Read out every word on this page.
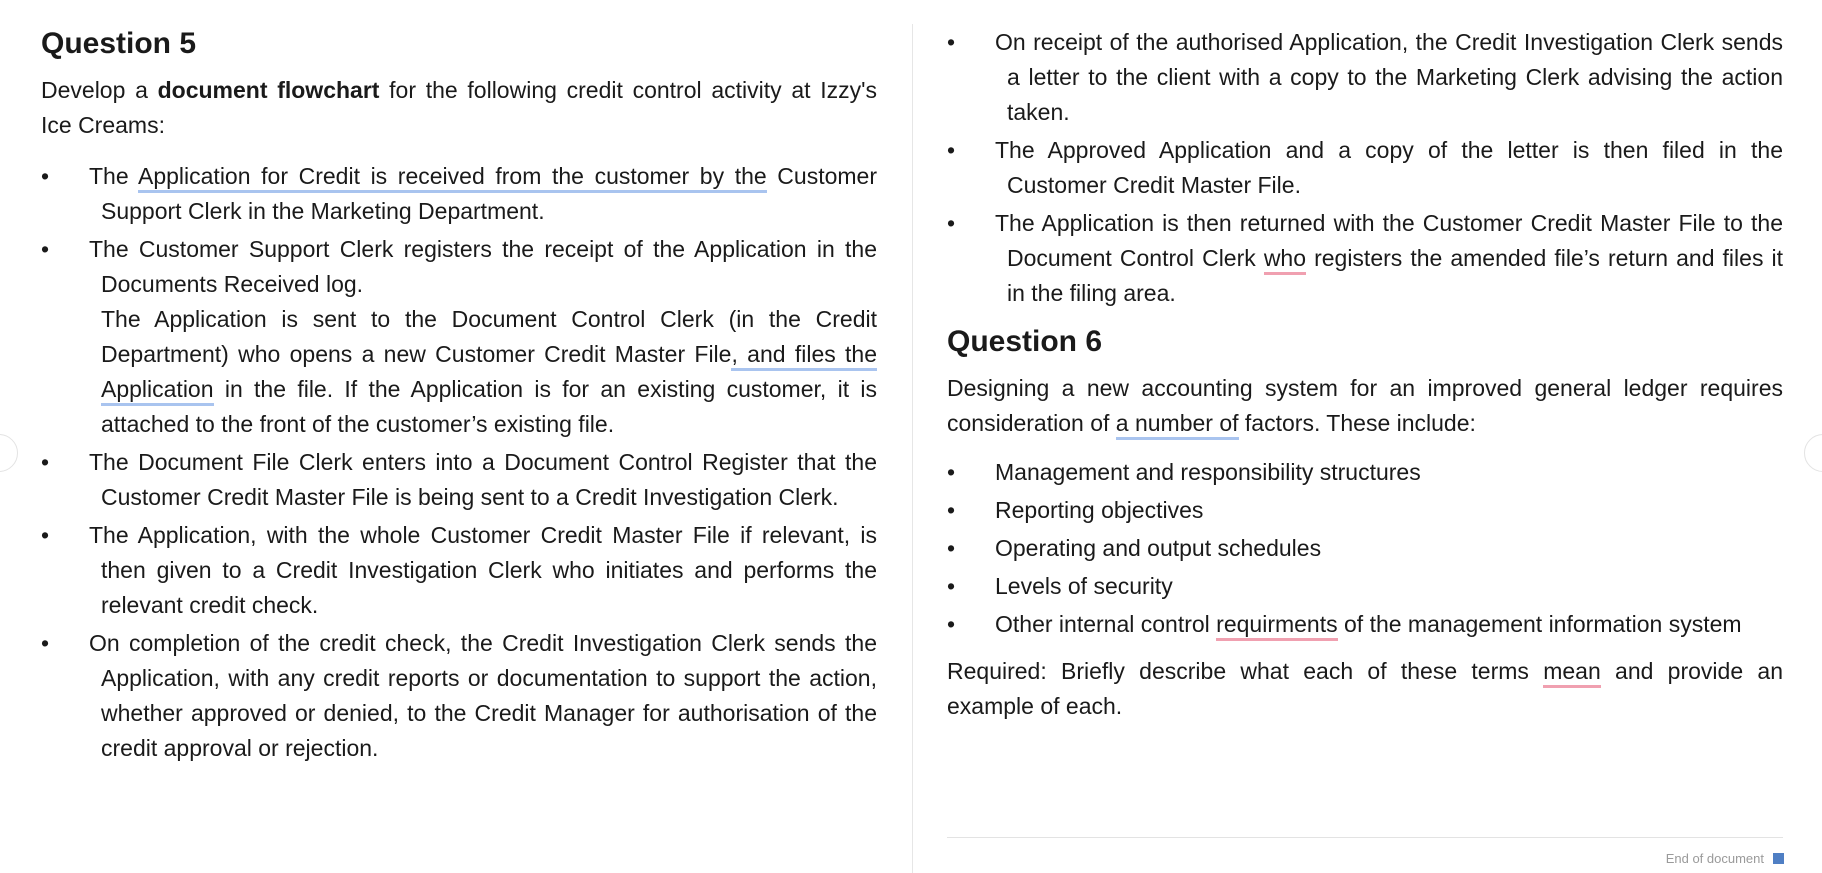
Question 5

Develop a document flowchart for the following credit control activity at Izzy's Ice Creams:

• The Application for Credit is received from the customer by the Customer Support Clerk in the Marketing Department.
• The Customer Support Clerk registers the receipt of the Application in the Documents Received log.
The Application is sent to the Document Control Clerk (in the Credit Department) who opens a new Customer Credit Master File, and files the Application in the file. If the Application is for an existing customer, it is attached to the front of the customer’s existing file.
• The Document File Clerk enters into a Document Control Register that the Customer Credit Master File is being sent to a Credit Investigation Clerk.
• The Application, with the whole Customer Credit Master File if relevant, is then given to a Credit Investigation Clerk who initiates and performs the relevant credit check.
• On completion of the credit check, the Credit Investigation Clerk sends the Application, with any credit reports or documentation to support the action, whether approved or denied, to the Credit Manager for authorisation of the credit approval or rejection.
• On receipt of the authorised Application, the Credit Investigation Clerk sends a letter to the client with a copy to the Marketing Clerk advising the action taken.
• The Approved Application and a copy of the letter is then filed in the Customer Credit Master File.
• The Application is then returned with the Customer Credit Master File to the Document Control Clerk who registers the amended file’s return and files it in the filing area.
Question 6

Designing a new accounting system for an improved general ledger requires consideration of a number of factors. These include:

• Management and responsibility structures
• Reporting objectives
• Operating and output schedules
• Levels of security
• Other internal control requirments of the management information system

Required: Briefly describe what each of these terms mean and provide an example of each.

End of document
